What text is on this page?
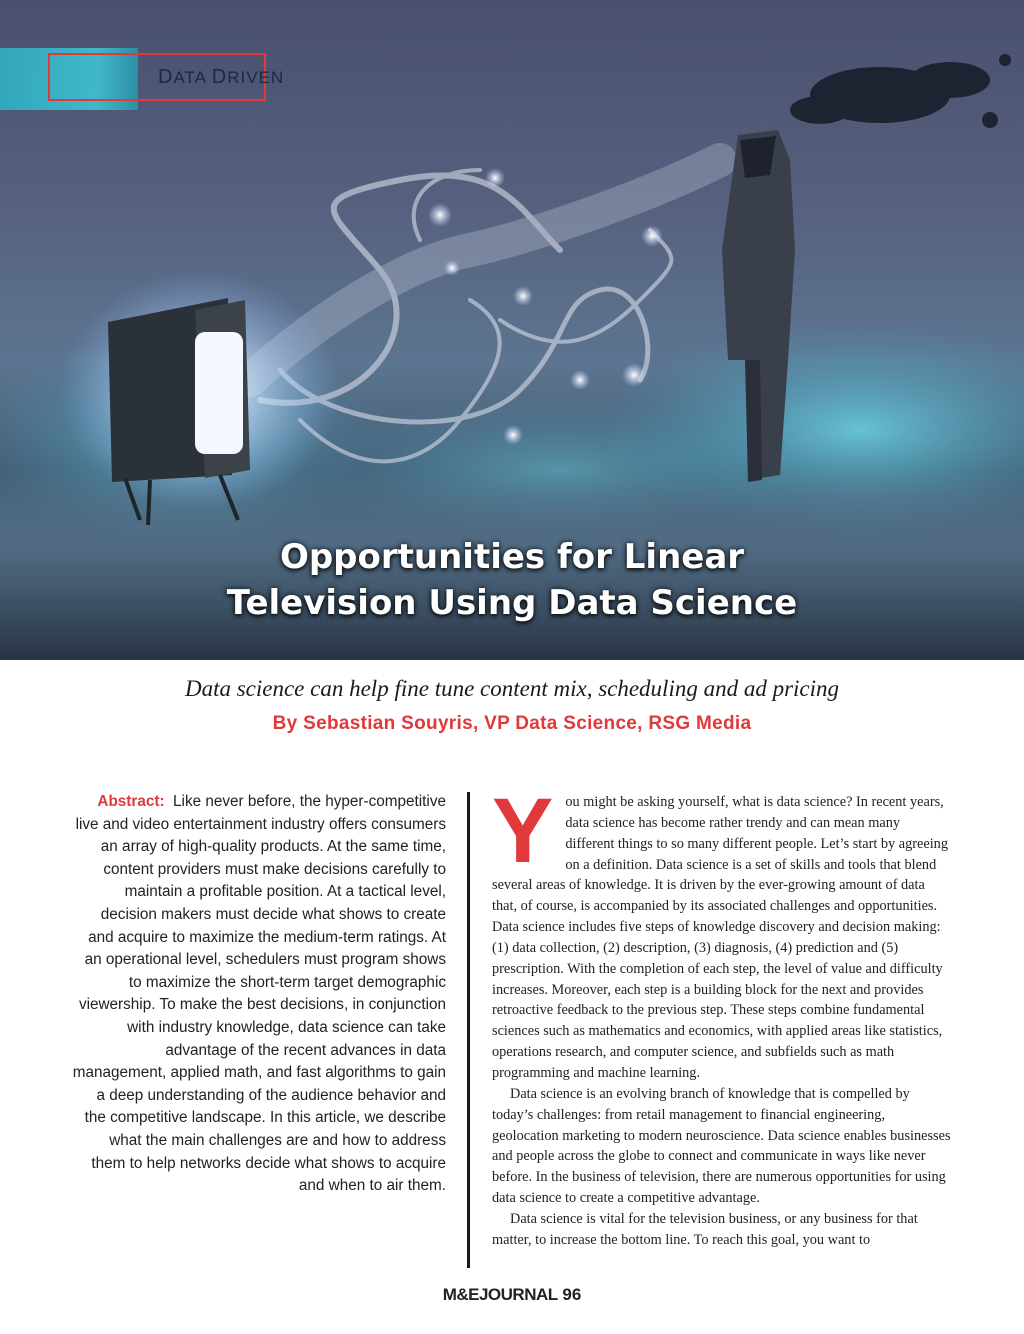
DATA DRIVEN
Opportunities for Linear
Television Using Data Science
Data science can help fine tune content mix, scheduling and ad pricing
By Sebastian Souyris, VP Data Science, RSG Media
Abstract: Like never before, the hyper-competitive live and video entertainment industry offers consumers an array of high-quality products. At the same time, content providers must make decisions carefully to maintain a profitable position. At a tactical level, decision makers must decide what shows to create and acquire to maximize the medium-term ratings. At an operational level, schedulers must program shows to maximize the short-term target demographic viewership. To make the best decisions, in conjunction with industry knowledge, data science can take advantage of the recent advances in data management, applied math, and fast algorithms to gain a deep understanding of the audience behavior and the competitive landscape. In this article, we describe what the main challenges are and how to address them to help networks decide what shows to acquire and when to air them.

You might be asking yourself, what is data science? In recent years, data science has become rather trendy and can mean many different things to so many different people. Let’s start by agreeing on a definition. Data science is a set of skills and tools that blend several areas of knowledge. It is driven by the ever-growing amount of data that, of course, is accompanied by its associated challenges and opportunities. Data science includes five steps of knowledge discovery and decision making: (1) data collection, (2) description, (3) diagnosis, (4) prediction and (5) prescription. With the completion of each step, the level of value and difficulty increases. Moreover, each step is a building block for the next and provides retroactive feedback to the previous step. These steps combine fundamental sciences such as mathematics and economics, with applied areas like statistics, operations research, and computer science, and subfields such as math programming and machine learning.

Data science is an evolving branch of knowledge that is compelled by today’s challenges: from retail management to financial engineering, geolocation marketing to modern neuroscience. Data science enables businesses and people across the globe to connect and communicate in ways like never before. In the business of television, there are numerous opportunities for using data science to create a competitive advantage.

Data science is vital for the television business, or any business for that matter, to increase the bottom line. To reach this goal, you want to

M&EJOURNAL 96
